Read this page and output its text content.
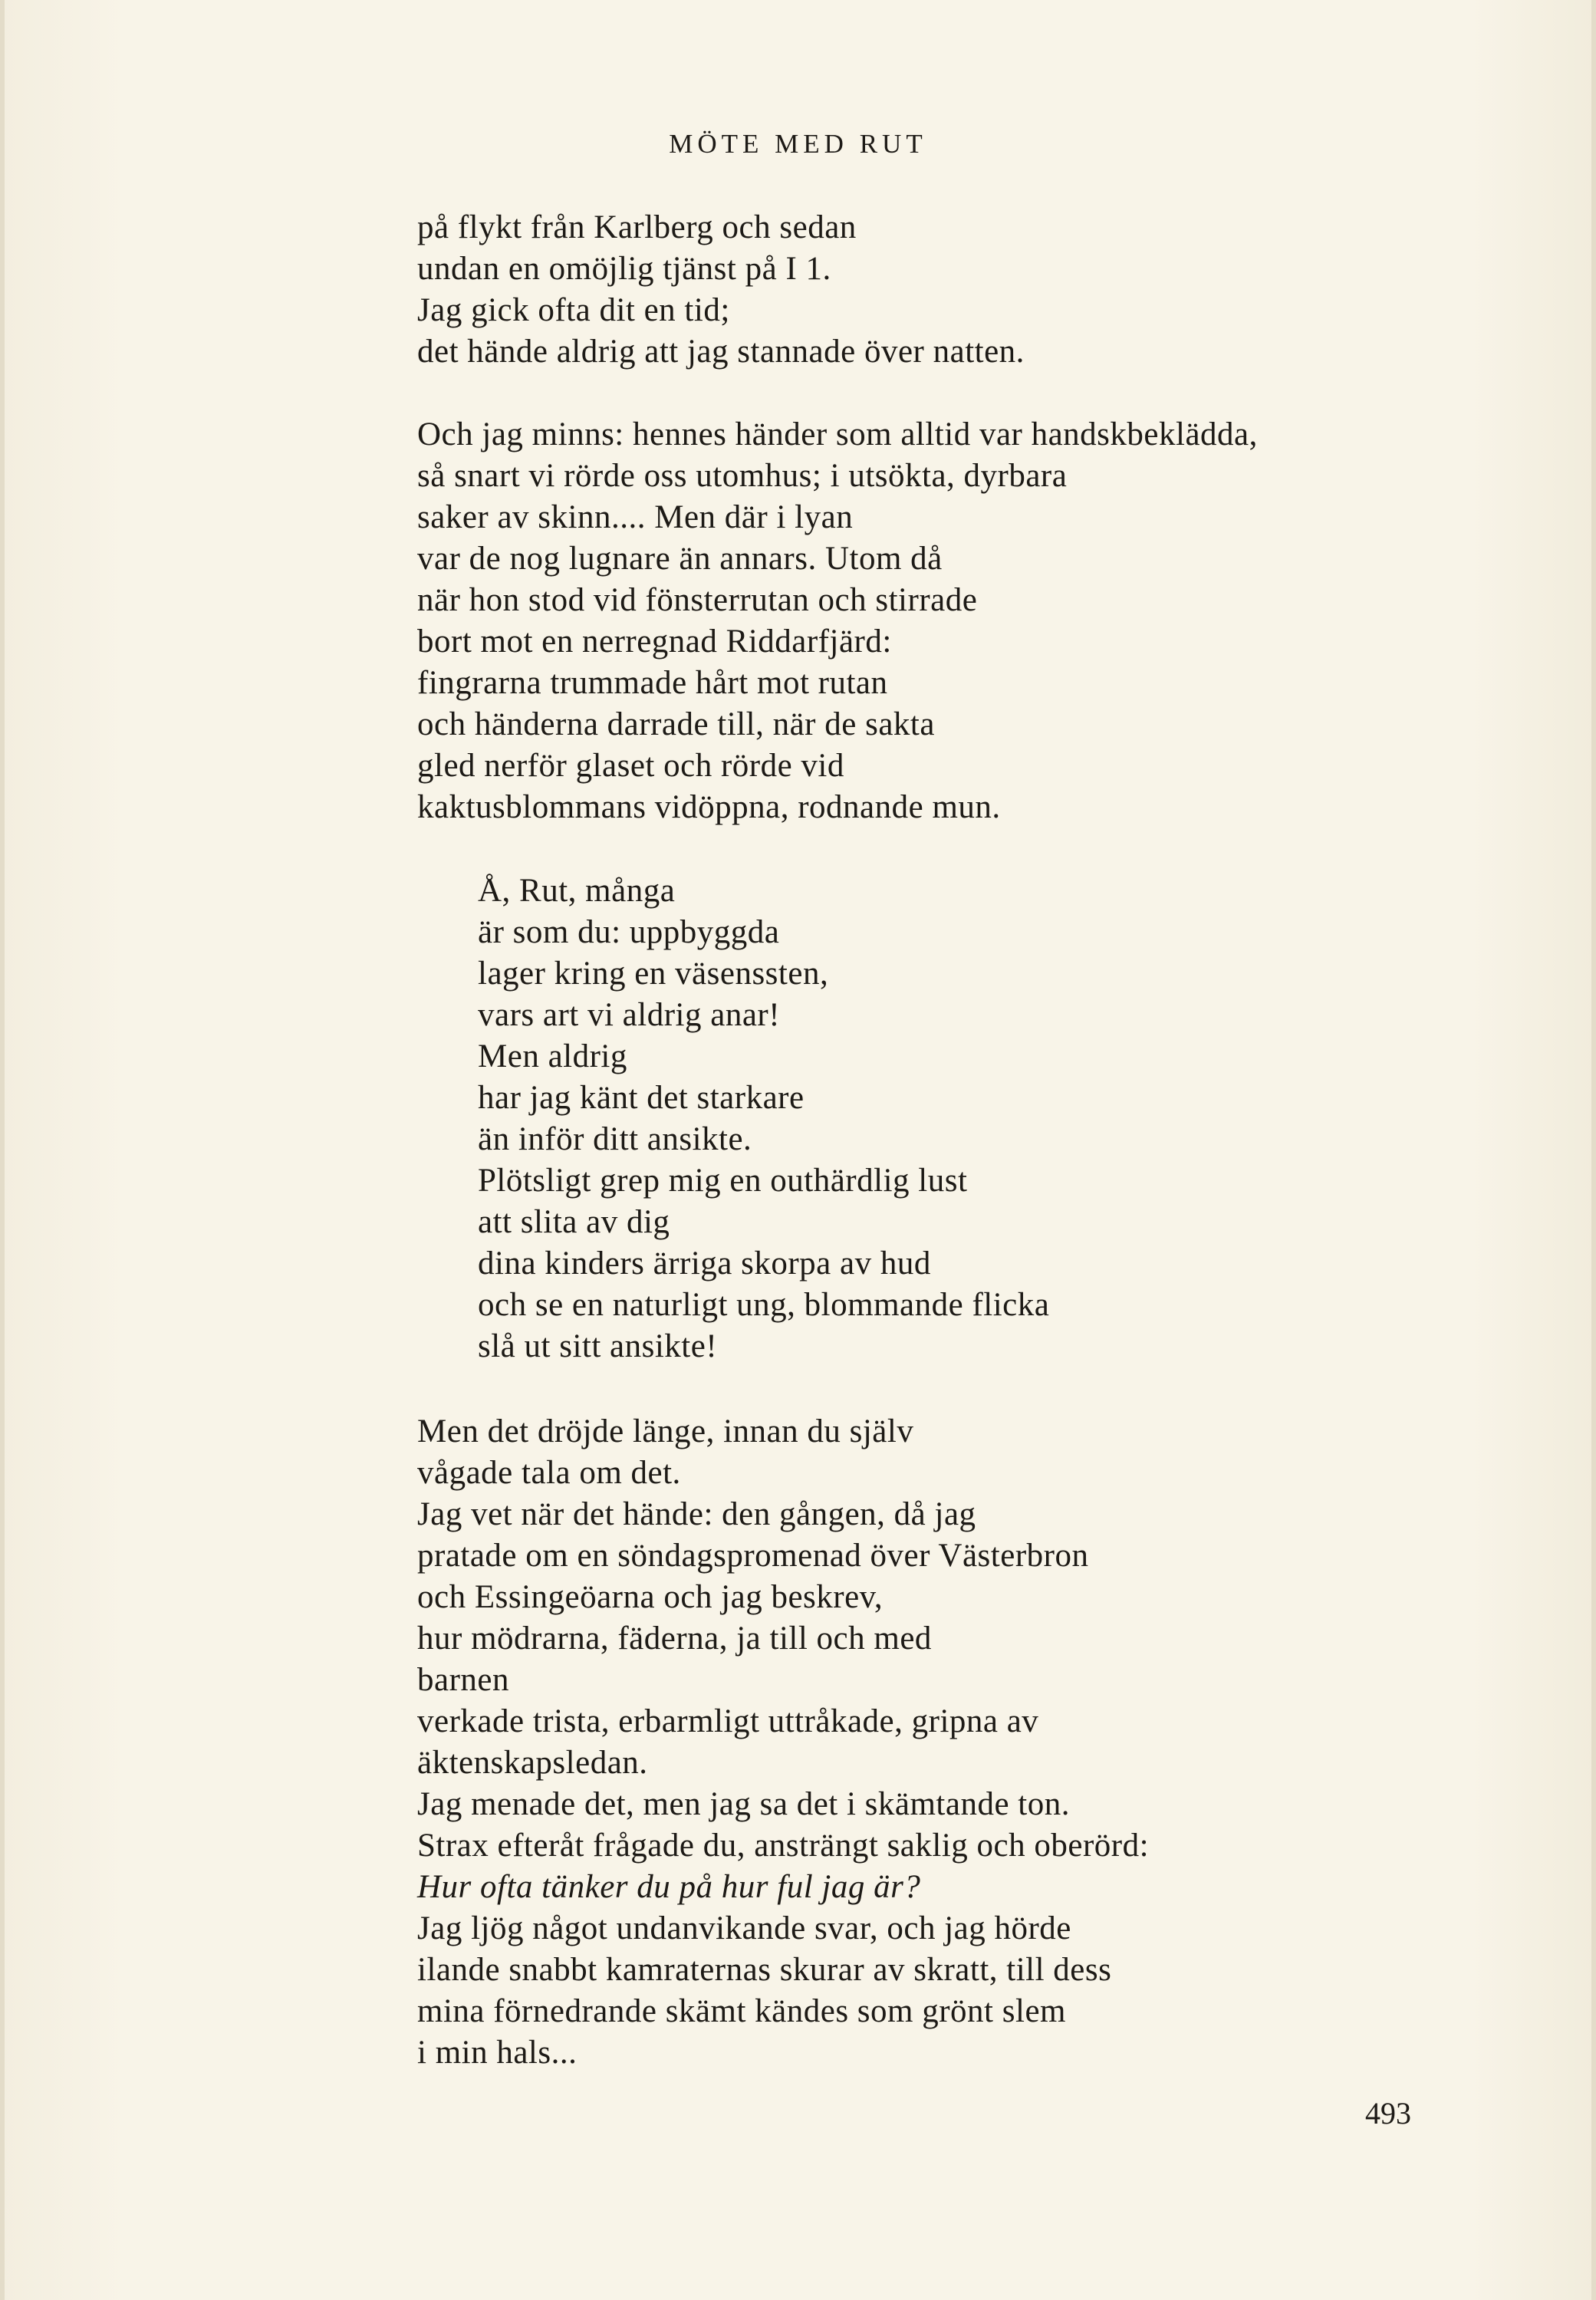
MÖTE MED RUT
på flykt från Karlberg och sedan
undan en omöjlig tjänst på I 1.
Jag gick ofta dit en tid;
det hände aldrig att jag stannade över natten.
Och jag minns: hennes händer som alltid var handskbeklädda,
så snart vi rörde oss utomhus; i utsökta, dyrbara
saker av skinn.... Men där i lyan
var de nog lugnare än annars. Utom då
när hon stod vid fönsterrutan och stirrade
bort mot en nerregnad Riddarfjärd:
fingrarna trummade hårt mot rutan
och händerna darrade till, när de sakta
gled nerför glaset och rörde vid
kaktusblommans vidöppna, rodnande mun.
Å, Rut, många
är som du: uppbyggda
lager kring en väsenssten,
vars art vi aldrig anar!
Men aldrig
har jag känt det starkare
än inför ditt ansikte.
Plötsligt grep mig en outhärdlig lust
att slita av dig
dina kinders ärriga skorpa av hud
och se en naturligt ung, blommande flicka
slå ut sitt ansikte!
Men det dröjde länge, innan du själv
vågade tala om det.
Jag vet när det hände: den gången, då jag
pratade om en söndagspromenad över Västerbron
och Essingeöarna och jag beskrev,
hur mödrarna, fäderna, ja till och med
barnen
verkade trista, erbarmligt uttråkade, gripna av
äktenskapsledan.
Jag menade det, men jag sa det i skämtande ton.
Strax efteråt frågade du, ansträngt saklig och oberörd:
Hur ofta tänker du på hur ful jag är?
Jag ljög något undanvikande svar, och jag hörde
ilande snabbt kamraternas skurar av skratt, till dess
mina förnedrande skämt kändes som grönt slem
i min hals...
493
